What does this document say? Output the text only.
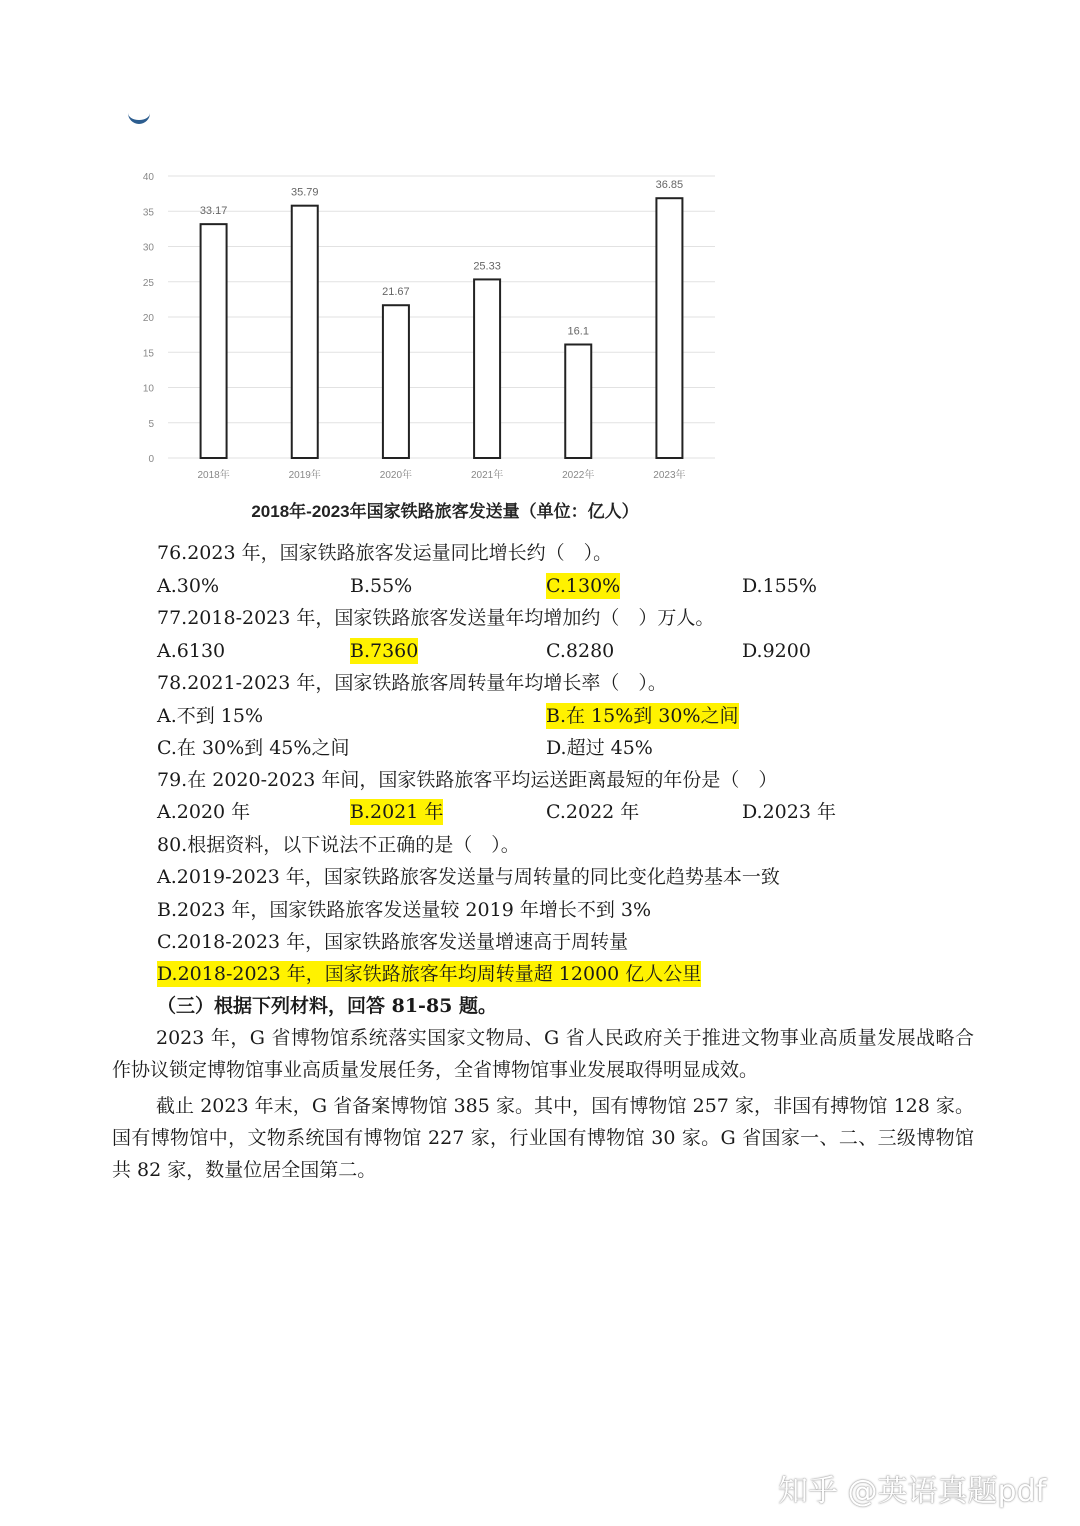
0
5
10
15
20
25
30
35
40
33.17
2018年
35.79
2019年
21.67
2020年
25.33
2021年
16.1
2022年
36.85
2023年
2018年-2023年国家铁路旅客发送量（单位：亿人）
76.2023 年，国家铁路旅客发运量同比增长约（　）。
A.30%	B.55%	C.130%	D.155%
77.2018-2023 年，国家铁路旅客发送量年均增加约（　）万人。
A.6130	B.7360	C.8280	D.9200
78.2021-2023 年，国家铁路旅客周转量年均增长率（　）。
A.不到 15%	B.在 15%到 30%之间
C.在 30%到 45%之间	D.超过 45%
79.在 2020-2023 年间，国家铁路旅客平均运送距离最短的年份是（　）
A.2020 年	B.2021 年	C.2022 年	D.2023 年
80.根据资料，以下说法不正确的是（　）。
A.2019-2023 年，国家铁路旅客发送量与周转量的同比变化趋势基本一致
B.2023 年，国家铁路旅客发送量较 2019 年增长不到 3%
C.2018-2023 年，国家铁路旅客发送量增速高于周转量
D.2018-2023 年，国家铁路旅客年均周转量超 12000 亿人公里
（三）根据下列材料，回答 81-85 题。

2023 年，G 省博物馆系统落实国家文物局、G 省人民政府关于推进文物事业高质量发展战略合作协议锁定博物馆事业高质量发展任务，全省博物馆事业发展取得明显成效。

截止 2023 年末，G 省备案博物馆 385 家。其中，国有博物馆 257 家，非国有搏物馆 128 家。国有博物馆中，文物系统国有博物馆 227 家，行业国有博物馆 30 家。G 省国家一、二、三级博物馆共 82 家，数量位居全国第二。

知乎 @英语真题pdf
